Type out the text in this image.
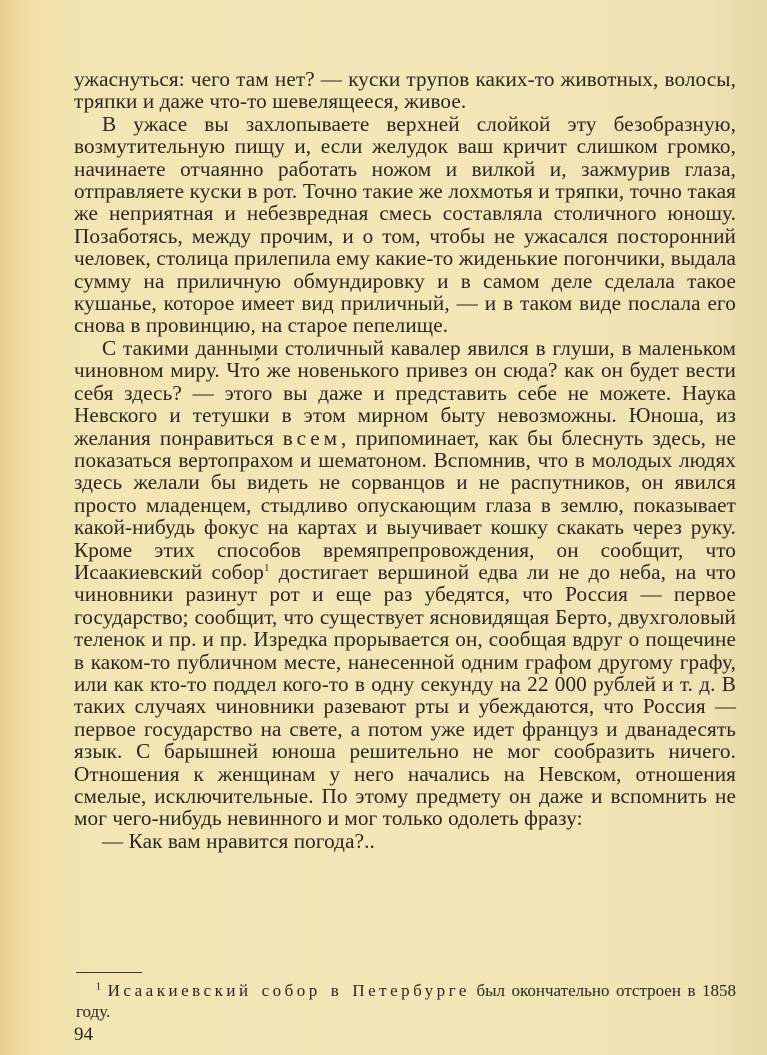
ужаснуться: чего там нет? — куски трупов каких-то животных, волосы, тряпки и даже что-то шевелящееся, живое.

В ужасе вы захлопываете верхней слойкой эту безобразную, возмутительную пищу и, если желудок ваш кричит слишком громко, начинаете отчаянно работать ножом и вилкой и, зажмурив глаза, отправляете куски в рот. Точно такие же лохмотья и тряпки, точно такая же неприятная и небезвредная смесь составляла столичного юношу. Позаботясь, между прочим, и о том, чтобы не ужасался посторонний человек, столица прилепила ему какие-то жиденькие погончики, выдала сумму на приличную обмундировку и в самом деле сделала такое кушанье, которое имеет вид приличный, — и в таком виде послала его снова в провинцию, на старое пепелище.

С такими данными столичный кавалер явился в глуши, в маленьком чиновном миру. Что́ же новенького привез он сюда? как он будет вести себя здесь? — этого вы даже и представить себе не можете. Наука Невского и тетушки в этом мирном быту невозможны. Юноша, из желания понравиться всем, припоминает, как бы блеснуть здесь, не показаться вертопрахом и шематоном. Вспомнив, что в молодых людях здесь желали бы видеть не сорванцов и не распутников, он явился просто младенцем, стыдливо опускающим глаза в землю, показывает какой-нибудь фокус на картах и выучивает кошку скакать через руку. Кроме этих способов времяпрепровождения, он сообщит, что Исаакиевский собор$^1$ достигает вершиной едва ли не до неба, на что чиновники разинут рот и еще раз убедятся, что Россия — первое государство; сообщит, что существует ясновидящая Берто, двухголовый теленок и пр. и пр. Изредка прорывается он, сообщая вдруг о пощечине в каком-то публичном месте, нанесенной одним графом другому графу, или как кто-то поддел кого-то в одну секунду на 22 000 рублей и т. д. В таких случаях чиновники разевают рты и убеждаются, что Россия — первое государство на свете, а потом уже идет француз и дванадесять язык. С барышней юноша решительно не мог сообразить ничего. Отношения к женщинам у него начались на Невском, отношения смелые, исключительные. По этому предмету он даже и вспомнить не мог чего-нибудь невинного и мог только одолеть фразу:

— Как вам нравится погода?..

$^1$ Исаакиевский собор в Петербурге был окончательно отстроен в 1858 году.
94
